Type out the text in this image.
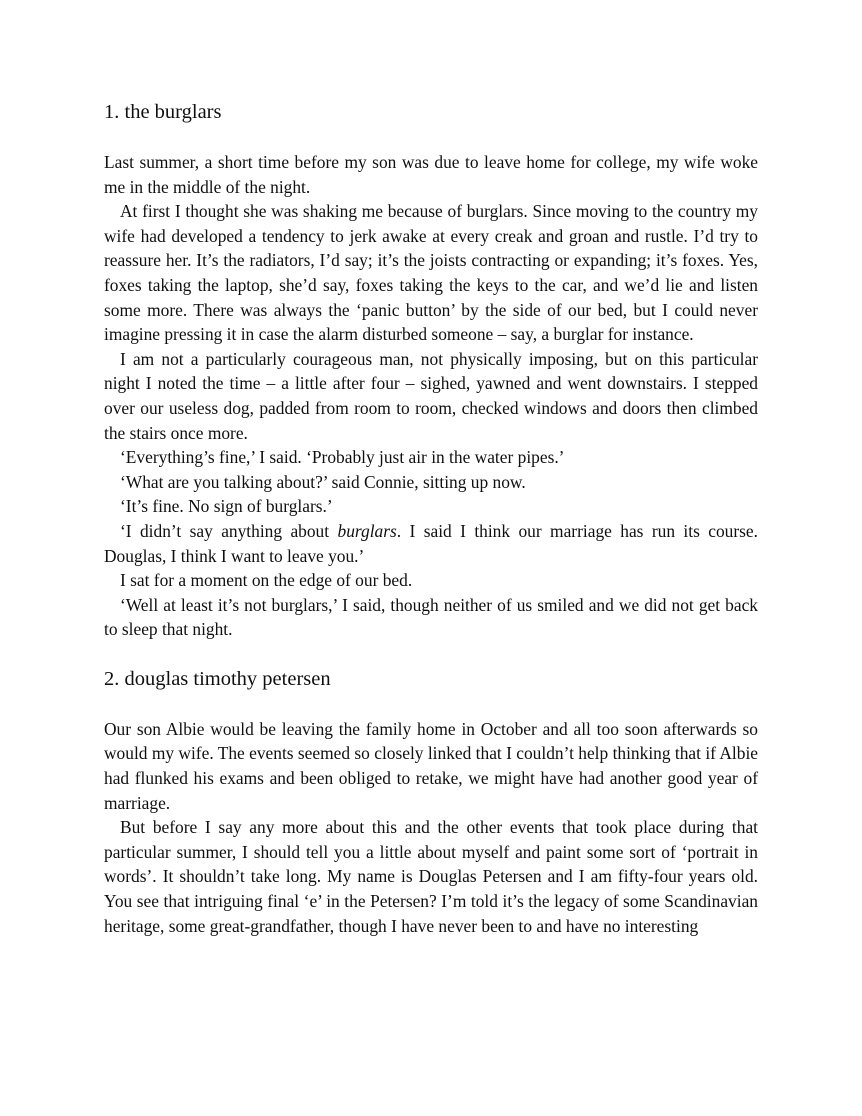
1. the burglars

Last summer, a short time before my son was due to leave home for college, my wife woke me in the middle of the night.

At first I thought she was shaking me because of burglars. Since moving to the country my wife had developed a tendency to jerk awake at every creak and groan and rustle. I’d try to reassure her. It’s the radiators, I’d say; it’s the joists contracting or expanding; it’s foxes. Yes, foxes taking the laptop, she’d say, foxes taking the keys to the car, and we’d lie and listen some more. There was always the ‘panic button’ by the side of our bed, but I could never imagine pressing it in case the alarm disturbed someone – say, a burglar for instance.

I am not a particularly courageous man, not physically imposing, but on this particular night I noted the time – a little after four – sighed, yawned and went downstairs. I stepped over our useless dog, padded from room to room, checked windows and doors then climbed the stairs once more.

‘Everything’s fine,’ I said. ‘Probably just air in the water pipes.’

‘What are you talking about?’ said Connie, sitting up now.

‘It’s fine. No sign of burglars.’

‘I didn’t say anything about burglars. I said I think our marriage has run its course. Douglas, I think I want to leave you.’

I sat for a moment on the edge of our bed.

‘Well at least it’s not burglars,’ I said, though neither of us smiled and we did not get back to sleep that night.

2. douglas timothy petersen

Our son Albie would be leaving the family home in October and all too soon afterwards so would my wife. The events seemed so closely linked that I couldn’t help thinking that if Albie had flunked his exams and been obliged to retake, we might have had another good year of marriage.

But before I say any more about this and the other events that took place during that particular summer, I should tell you a little about myself and paint some sort of ‘portrait in words’. It shouldn’t take long. My name is Douglas Petersen and I am fifty-four years old. You see that intriguing final ‘e’ in the Petersen? I’m told it’s the legacy of some Scandinavian heritage, some great-grandfather, though I have never been to and have no interesting
